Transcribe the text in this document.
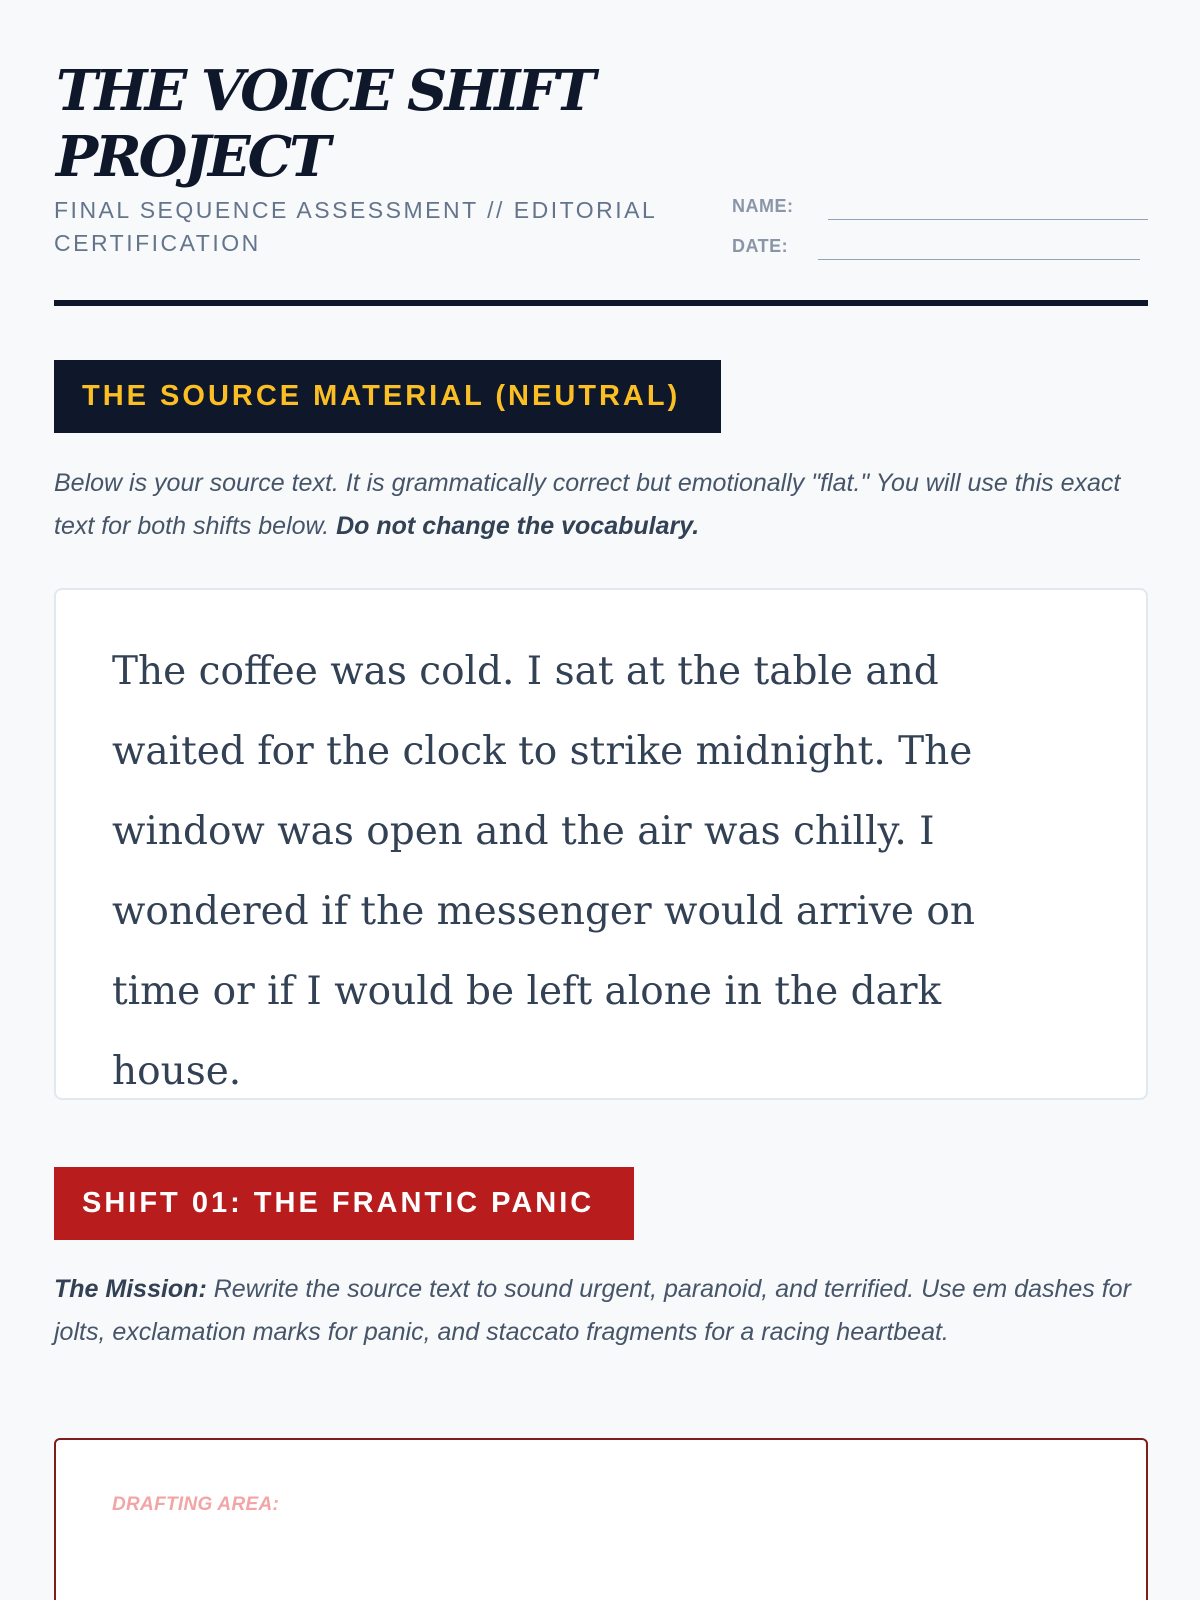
THE VOICE SHIFT
PROJECT
FINAL SEQUENCE ASSESSMENT // EDITORIAL
CERTIFICATION
NAME:
DATE:
THE SOURCE MATERIAL (NEUTRAL)

Below is your source text. It is grammatically correct but emotionally "flat." You will use this exact text for both shifts below. Do not change the vocabulary.

The coffee was cold. I sat at the table and waited for the clock to strike midnight. The window was open and the air was chilly. I wondered if the messenger would arrive on time or if I would be left alone in the dark house.

SHIFT 01: THE FRANTIC PANIC

The Mission: Rewrite the source text to sound urgent, paranoid, and terrified. Use em dashes for jolts, exclamation marks for panic, and staccato fragments for a racing heartbeat.

DRAFTING AREA:
